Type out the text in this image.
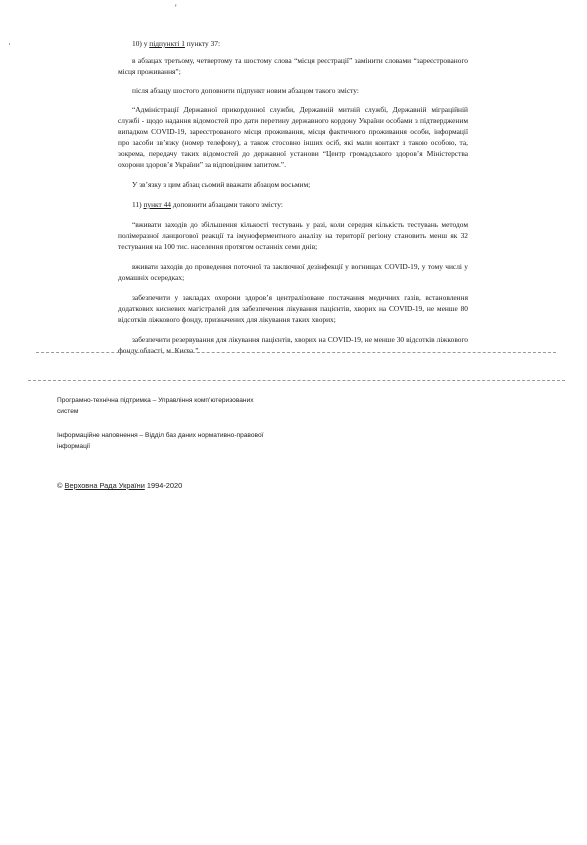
'
·	10) у підпункті 1 пункту 37:

в абзацах третьому, четвертому та шостому слова “місця реєстрації” замінити словами “зареєстрованого місця проживання”;

після абзацу шостого доповнити підпункт новим абзацом такого змісту:

“Адміністрації Державної прикордонної служби, Державній митній службі, Державній міграційній службі - щодо надання відомостей про дати перетину державного кордону України особами з підтвердженим випадком COVID-19, зареєстрованого місця проживання, місця фактичного проживання особи, інформації про засоби зв’язку (номер телефону), а також стосовно інших осіб, які мали контакт з такою особою, та, зокрема, передачу таких відомостей до державної установи “Центр громадського здоров’я Міністерства охорони здоров’я України” за відповідним запитом.”.

У зв’язку з цим абзац сьомий вважати абзацом восьмим;

11) пункт 44 доповнити абзацами такого змісту:

“вживати заходів до збільшення кількості тестувань у разі, коли середня кількість тестувань методом полімеразної ланцюгової реакції та імуноферментного аналізу на території регіону становить менш як 32 тестування на 100 тис. населення протягом останніх семи днів;

вживати заходів до проведення поточної та заключної дезінфекції у вогнищах COVID-19, у тому числі у домашніх осередках;

забезпечити у закладах охорони здоров’я централізоване постачання медичних газів, встановлення додаткових кисневих магістралей для забезпечення лікування пацієнтів, хворих на COVID-19, не менше 80 відсотків ліжкового фонду, призначених для лікування таких хворих;

забезпечити резервування для лікування пацієнтів, хворих на COVID-19, не менше 30 відсотків ліжкового фонду області, м. Києва.”.

Програмно-технічна підтримка – Управління комп’ютеризованих
систем
Інформаційне наповнення – Відділ баз даних нормативно-правової
інформації
© Верховна Рада України 1994-2020
